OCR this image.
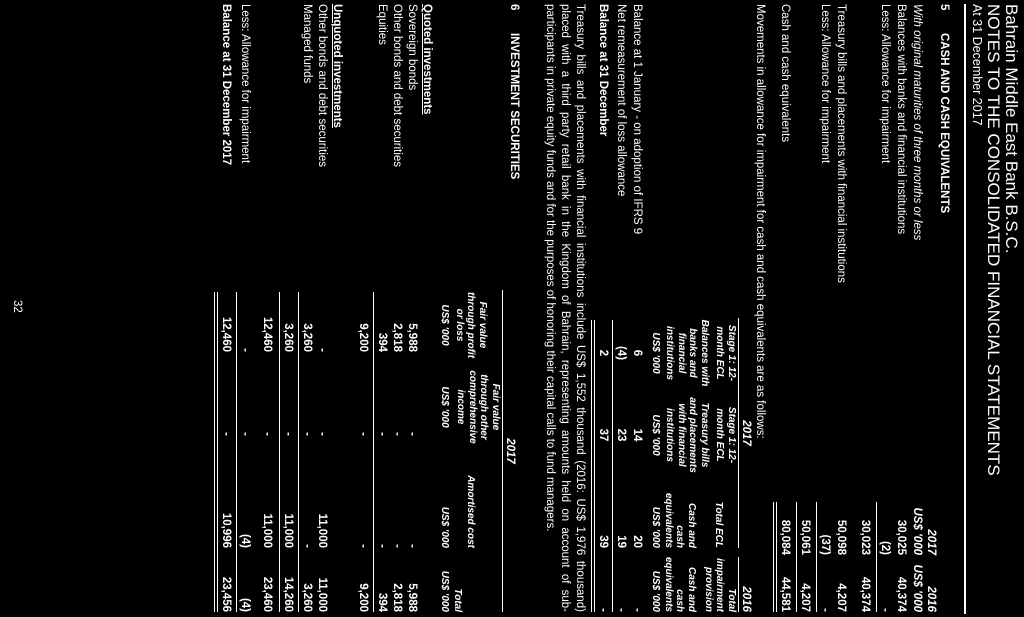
Bahrain Middle East Bank B.S.C.
NOTES TO THE CONSOLIDATED FINANCIAL STATEMENTS
At 31 December 2017
5
CASH AND CASH EQUIVALENTS
2017
2016
US$ '000
US$ '000
With original maturities of three months or less
Balances with banks and financial institutions
30,025
40,374
Less: Allowance for impairment
(2)
-
30,023
40,374
Treasury bills and placements with financial institutions
50,098
4,207
Less: Allowance for impairment
(37)
-
50,061
4,207
Cash and cash equivalents
80,084
44,581
Movements in allowance for impairment for cash and cash equivalents are as follows:
2017
2016
Stage 1: 12-month ECL
Stage 1: 12-month ECL
Total ECL
Total impairment provision
Balances with banks and financial institutions
Treasury bills and placements with financial institutions
Cash and cash equivalents
Cash and cash equivalents
US$ '000
US$ '000
US$ '000
US$ '000
Balance at 1 January - on adoption of IFRS 9
6
14
20
-
Net remeasurement of loss allowance
(4)
23
19
-
Balance at 31 December
2
37
39
-
Treasury bills and placements with financial institutions include US$ 1,552 thousand (2016: US$ 1,976 thousand) placed with a third party retail bank in the Kingdom of Bahrain, representing amounts held on account of sub-participants in private equity funds and for the purposes of honoring their capital calls to fund managers.
6
INVESTMENT SECURITIES
2017
Fair value through profit or loss
Fair value through other comprehensive income
Amortised cost
Total
US$ '000
US$ '000
US$ '000
US$ '000
Quoted investments
Sovereign bonds
5,988
-
-
5,988
Other bonds and debt securities
2,818
-
-
2,818
Equities
394
-
-
394
9,200
-
-
9,200
Unquoted investments
Other bonds and debt securities
-
-
11,000
11,000
Managed funds
3,260
-
-
3,260
3,260
-
11,000
14,260
12,460
-
11,000
23,460
Less: Allowance for impairment
-
-
(4)
(4)
Balance at 31 December 2017
12,460
-
10,996
23,456
32
